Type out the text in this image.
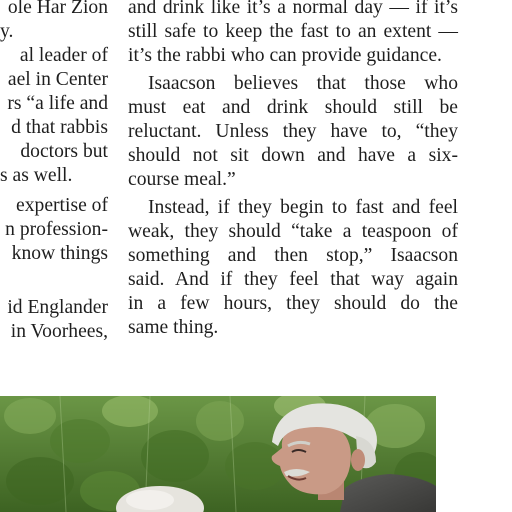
ole Har Zion

y.

al leader of

ael in Center

rs “a life and

d that rabbis

doctors but

s as well.

expertise of

n profession-

know things

id Englander

in Voorhees,

and drink like it’s a normal day — if it’s

still safe to keep the fast to an extent —

it’s the rabbi who can provide guidance.

Isaacson believes that those who

must eat and drink should still be

reluctant. Unless they have to, “they

should not sit down and have a six-

course meal.”

Instead, if they begin to fast and feel

weak, they should “take a teaspoon of

something and then stop,” Isaacson

said. And if they feel that way again

in a few hours, they should do the

same thing.
